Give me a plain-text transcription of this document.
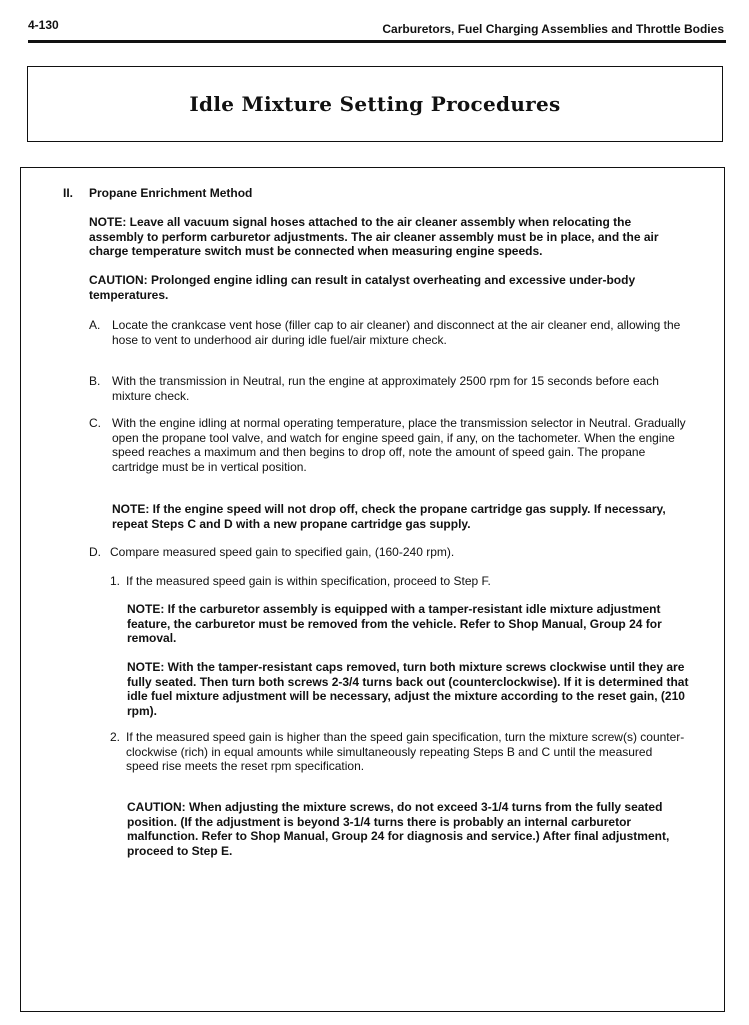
4-130	Carburetors, Fuel Charging Assemblies and Throttle Bodies
Idle Mixture Setting Procedures
II. Propane Enrichment Method

NOTE: Leave all vacuum signal hoses attached to the air cleaner assembly when relocating the assembly to perform carburetor adjustments. The air cleaner assembly must be in place, and the air charge temperature switch must be connected when measuring engine speeds.

CAUTION: Prolonged engine idling can result in catalyst overheating and excessive under-body temperatures.

A. Locate the crankcase vent hose (filler cap to air cleaner) and disconnect at the air cleaner end, allowing the hose to vent to underhood air during idle fuel/air mixture check.

B. With the transmission in Neutral, run the engine at approximately 2500 rpm for 15 seconds before each mixture check.

C. With the engine idling at normal operating temperature, place the transmission selector in Neutral. Gradually open the propane tool valve, and watch for engine speed gain, if any, on the tachometer. When the engine speed reaches a maximum and then begins to drop off, note the amount of speed gain. The propane cartridge must be in vertical position.

NOTE: If the engine speed will not drop off, check the propane cartridge gas supply. If necessary, repeat Steps C and D with a new propane cartridge gas supply.

D. Compare measured speed gain to specified gain, (160-240 rpm).

1. If the measured speed gain is within specification, proceed to Step F.

NOTE: If the carburetor assembly is equipped with a tamper-resistant idle mixture adjustment feature, the carburetor must be removed from the vehicle. Refer to Shop Manual, Group 24 for removal.

NOTE: With the tamper-resistant caps removed, turn both mixture screws clockwise until they are fully seated. Then turn both screws 2-3/4 turns back out (counterclockwise). If it is determined that idle fuel mixture adjustment will be necessary, adjust the mixture according to the reset gain, (210 rpm).

2. If the measured speed gain is higher than the speed gain specification, turn the mixture screw(s) counter-clockwise (rich) in equal amounts while simultaneously repeating Steps B and C until the measured speed rise meets the reset rpm specification.

CAUTION: When adjusting the mixture screws, do not exceed 3-1/4 turns from the fully seated position. (If the adjustment is beyond 3-1/4 turns there is probably an internal carburetor malfunction. Refer to Shop Manual, Group 24 for diagnosis and service.) After final adjustment, proceed to Step E.
